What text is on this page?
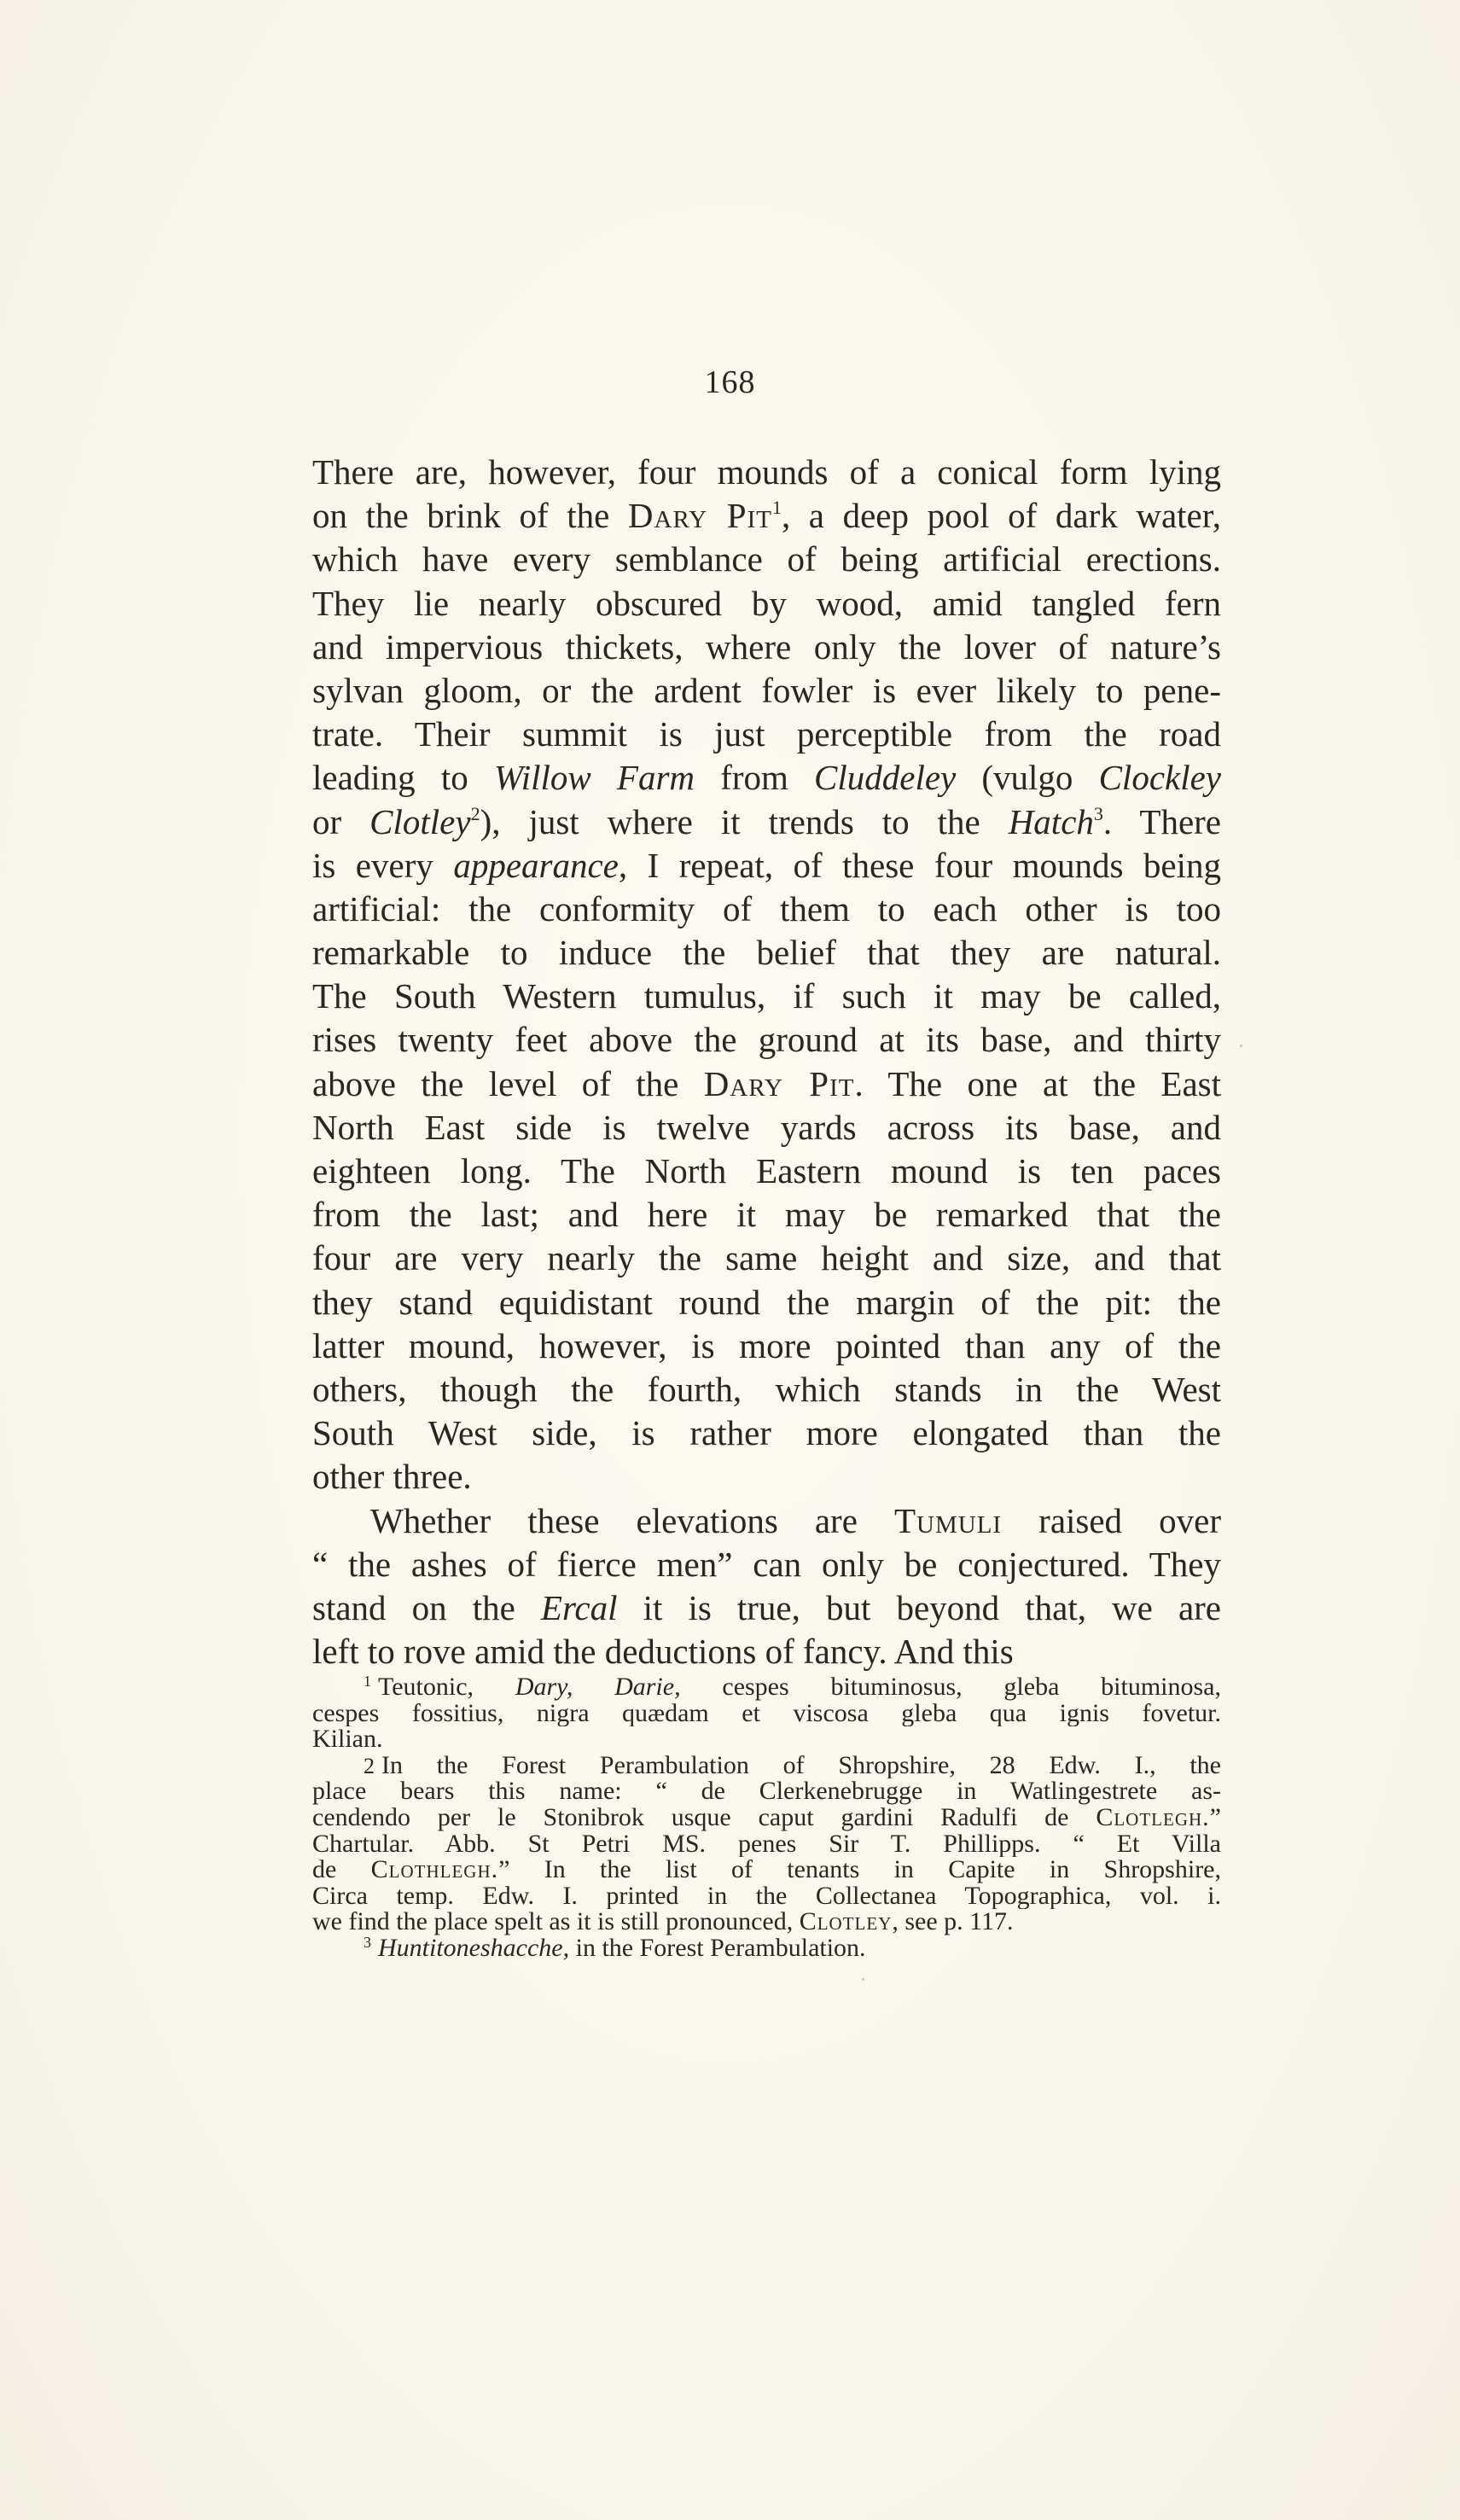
168
There are, however, four mounds of a conical form lying
on the brink of the Dary Pit$^1$, a deep pool of dark water,
which have every semblance of being artificial erections.
They lie nearly obscured by wood, amid tangled fern
and impervious thickets, where only the lover of nature’s
sylvan gloom, or the ardent fowler is ever likely to pene-
trate. Their summit is just perceptible from the road
leading to Willow Farm from Cluddeley (vulgo Clockley
or Clotley$^2$), just where it trends to the Hatch$^3$. There
is every appearance, I repeat, of these four mounds being
artificial: the conformity of them to each other is too
remarkable to induce the belief that they are natural.
The South Western tumulus, if such it may be called,
rises twenty feet above the ground at its base, and thirty
above the level of the Dary Pit. The one at the East
North East side is twelve yards across its base, and
eighteen long. The North Eastern mound is ten paces
from the last; and here it may be remarked that the
four are very nearly the same height and size, and that
they stand equidistant round the margin of the pit: the
latter mound, however, is more pointed than any of the
others, though the fourth, which stands in the West
South West side, is rather more elongated than the
other three.
Whether these elevations are Tumuli raised over
“ the ashes of fierce men” can only be conjectured. They
stand on the Ercal it is true, but beyond that, we are
left to rove amid the deductions of fancy. And this
$^1$ Teutonic, Dary, Darie, cespes bituminosus, gleba bituminosa,
cespes fossitius, nigra quædam et viscosa gleba qua ignis fovetur.
Kilian.
2 In the Forest Perambulation of Shropshire, 28 Edw. I., the
place bears this name: “ de Clerkenebrugge in Watlingestrete as-
cendendo per le Stonibrok usque caput gardini Radulfi de Clotlegh.”
Chartular. Abb. St Petri MS. penes Sir T. Phillipps. “ Et Villa
de Clothlegh.” In the list of tenants in Capite in Shropshire,
Circa temp. Edw. I. printed in the Collectanea Topographica, vol. i.
we find the place spelt as it is still pronounced, Clotley, see p. 117.
$^3$ Huntitoneshacche, in the Forest Perambulation.
